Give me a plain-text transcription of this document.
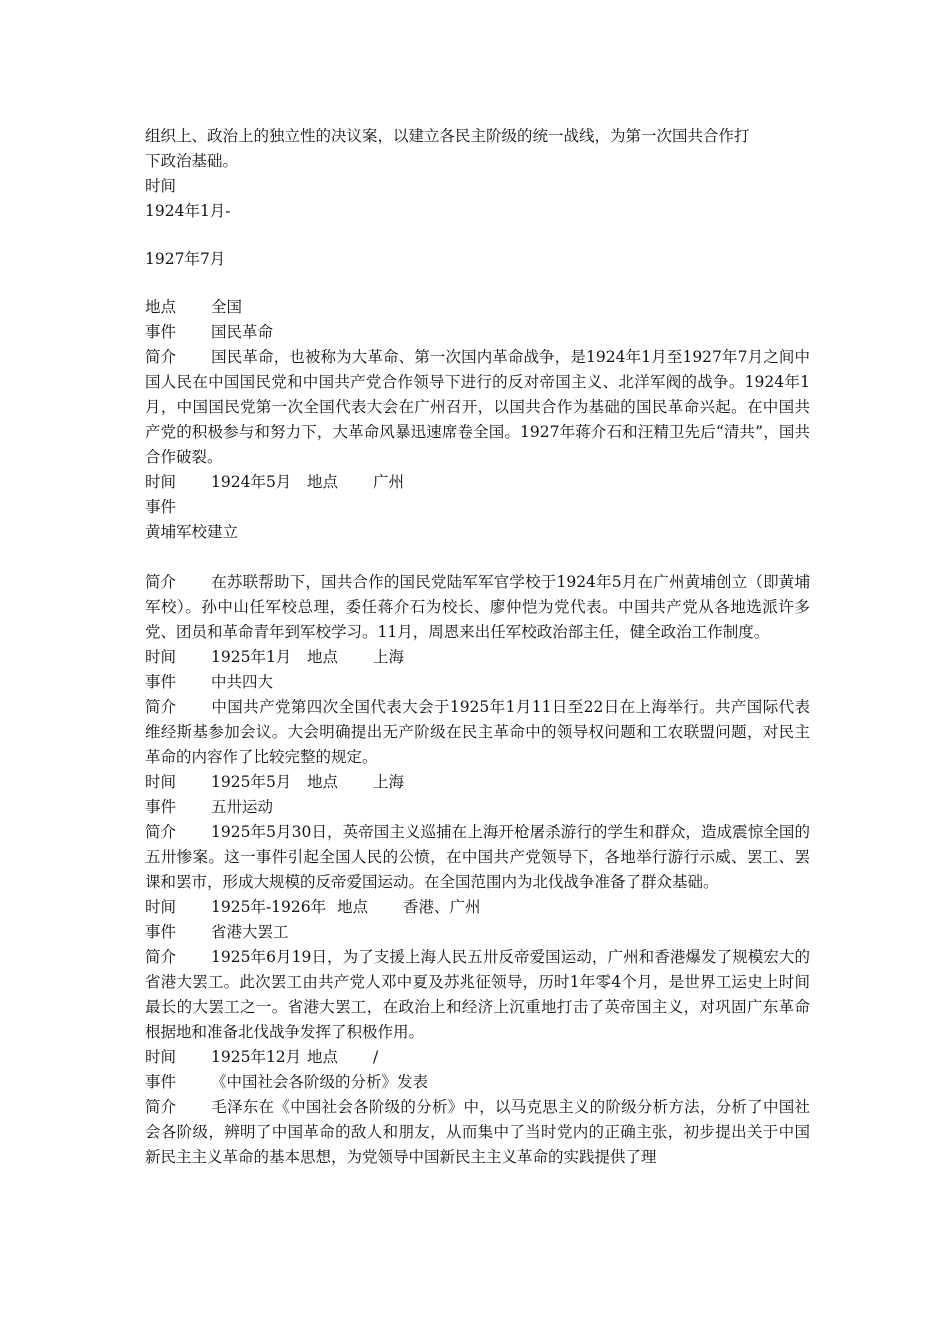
组织上、政治上的独立性的决议案，以建立各民主阶级的统一战线，为第一次国共合作打
下政治基础。
时间
1924年1月-
1927年7月
地点 全国
事件 国民革命
简介 国民革命，也被称为大革命、第一次国内革命战争，是1924年1月至1927年7月之间中国人民在中国国民党和中国共产党合作领导下进行的反对帝国主义、北洋军阀的战争。1924年1月，中国国民党第一次全国代表大会在广州召开，以国共合作为基础的国民革命兴起。在中国共产党的积极参与和努力下，大革命风暴迅速席卷全国。1927年蒋介石和汪精卫先后“清共”，国共合作破裂。
时间 1924年5月 地点 广州
事件
黄埔军校建立
简介 在苏联帮助下，国共合作的国民党陆军军官学校于1924年5月在广州黄埔创立（即黄埔军校）。孙中山任军校总理，委任蒋介石为校长、廖仲恺为党代表。中国共产党从各地选派许多党、团员和革命青年到军校学习。11月，周恩来出任军校政治部主任，健全政治工作制度。
时间 1925年1月 地点 上海
事件 中共四大
简介 中国共产党第四次全国代表大会于1925年1月11日至22日在上海举行。共产国际代表维经斯基参加会议。大会明确提出无产阶级在民主革命中的领导权问题和工农联盟问题，对民主革命的内容作了比较完整的规定。
时间 1925年5月 地点 上海
事件 五卅运动
简介 1925年5月30日，英帝国主义巡捕在上海开枪屠杀游行的学生和群众，造成震惊全国的五卅惨案。这一事件引起全国人民的公愤，在中国共产党领导下，各地举行游行示威、罢工、罢课和罢市，形成大规模的反帝爱国运动。在全国范围内为北伐战争准备了群众基础。
时间 1925年-1926年 地点 香港、广州
事件 省港大罢工
简介 1925年6月19日，为了支援上海人民五卅反帝爱国运动，广州和香港爆发了规模宏大的省港大罢工。此次罢工由共产党人邓中夏及苏兆征领导，历时1年零4个月，是世界工运史上时间最长的大罢工之一。省港大罢工，在政治上和经济上沉重地打击了英帝国主义，对巩固广东革命根据地和准备北伐战争发挥了积极作用。
时间 1925年12月 地点 /
事件 《中国社会各阶级的分析》发表
简介 毛泽东在《中国社会各阶级的分析》中，以马克思主义的阶级分析方法，分析了中国社会各阶级，辨明了中国革命的敌人和朋友，从而集中了当时党内的正确主张，初步提出关于中国新民主主义革命的基本思想，为党领导中国新民主主义革命的实践提供了理
